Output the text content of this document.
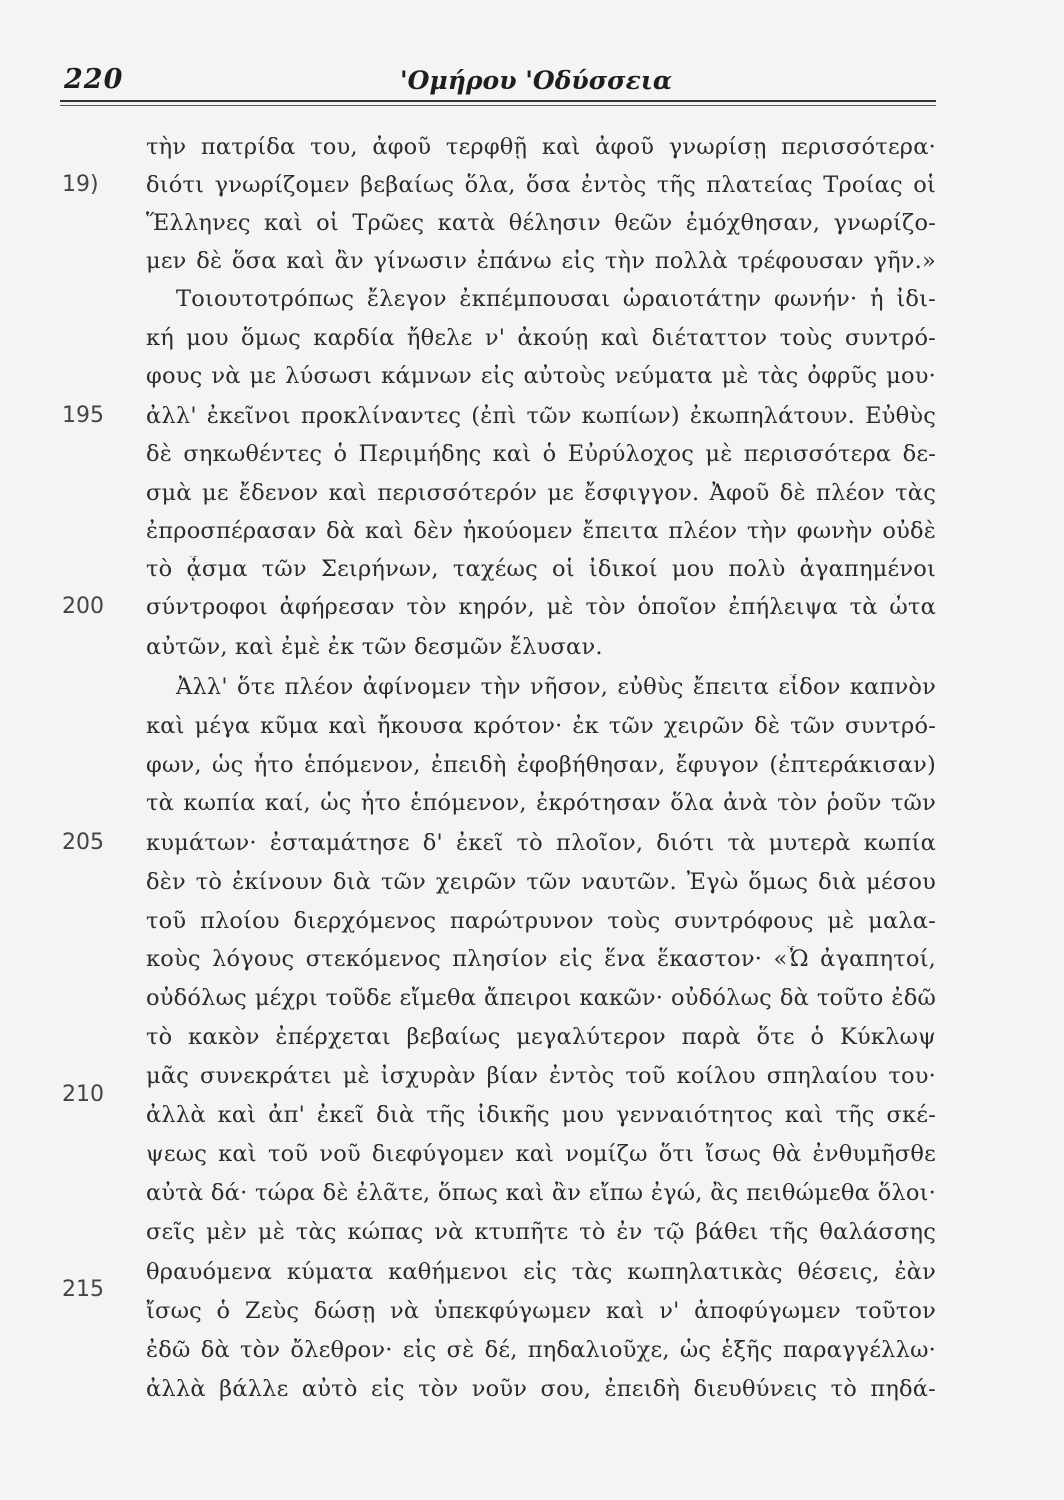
220	'Ομήρου 'Οδύσσεια
19)
195
200
205
210
215
τὴν πατρίδα του, ἀφοῦ τερφθῇ καὶ ἀφοῦ γνωρίσῃ περισσότερα·
διότι γνωρίζομεν βεβαίως ὅλα, ὅσα ἐντὸς τῆς πλατείας Τροίας οἱ
Ἕλληνες καὶ οἱ Τρῶες κατὰ θέλησιν θεῶν ἐμόχθησαν, γνωρίζο-
μεν δὲ ὅσα καὶ ἂν γίνωσιν ἐπάνω εἰς τὴν πολλὰ τρέφουσαν γῆν.»
Τοιουτοτρόπως ἔλεγον ἐκπέμπουσαι ὡραιοτάτην φωνήν· ἡ ἰδι-
κή μου ὅμως καρδία ἤθελε ν' ἀκούῃ καὶ διέταττον τοὺς συντρό-
φους νὰ με λύσωσι κάμνων εἰς αὐτοὺς νεύματα μὲ τὰς ὀφρῦς μου·
ἀλλ' ἐκεῖνοι προκλίναντες (ἐπὶ τῶν κωπίων) ἐκωπηλάτουν. Εὐθὺς
δὲ σηκωθέντες ὁ Περιμήδης καὶ ὁ Εὐρύλοχος μὲ περισσότερα δε-
σμὰ με ἔδενον καὶ περισσότερόν με ἔσφιγγον. Ἀφοῦ δὲ πλέον τὰς
ἐπροσπέρασαν δὰ καὶ δὲν ἠκούομεν ἔπειτα πλέον τὴν φωνὴν οὐδὲ
τὸ ᾆσμα τῶν Σειρήνων, ταχέως οἱ ἰδικοί μου πολὺ ἀγαπημένοι
σύντροφοι ἀφήρεσαν τὸν κηρόν, μὲ τὸν ὁποῖον ἐπήλειψα τὰ ὦτα
αὐτῶν, καὶ ἐμὲ ἐκ τῶν δεσμῶν ἔλυσαν.
Ἀλλ' ὅτε πλέον ἀφίνομεν τὴν νῆσον, εὐθὺς ἔπειτα εἶδον καπνὸν
καὶ μέγα κῦμα καὶ ἤκουσα κρότον· ἐκ τῶν χειρῶν δὲ τῶν συντρό-
φων, ὡς ἦτο ἑπόμενον, ἐπειδὴ ἐφοβήθησαν, ἔφυγον (ἐπτεράκισαν)
τὰ κωπία καί, ὡς ἦτο ἑπόμενον, ἐκρότησαν ὅλα ἀνὰ τὸν ῥοῦν τῶν
κυμάτων· ἐσταμάτησε δ' ἐκεῖ τὸ πλοῖον, διότι τὰ μυτερὰ κωπία
δὲν τὸ ἐκίνουν διὰ τῶν χειρῶν τῶν ναυτῶν. Ἐγὼ ὅμως διὰ μέσου
τοῦ πλοίου διερχόμενος παρώτρυνον τοὺς συντρόφους μὲ μαλα-
κοὺς λόγους στεκόμενος πλησίον εἰς ἕνα ἕκαστον· «Ὦ ἀγαπητοί,
οὐδόλως μέχρι τοῦδε εἴμεθα ἄπειροι κακῶν· οὐδόλως δὰ τοῦτο ἐδῶ
τὸ κακὸν ἐπέρχεται βεβαίως μεγαλύτερον παρὰ ὅτε ὁ Κύκλωψ
μᾶς συνεκράτει μὲ ἰσχυρὰν βίαν ἐντὸς τοῦ κοίλου σπηλαίου του·
ἀλλὰ καὶ ἀπ' ἐκεῖ διὰ τῆς ἰδικῆς μου γενναιότητος καὶ τῆς σκέ-
ψεως καὶ τοῦ νοῦ διεφύγομεν καὶ νομίζω ὅτι ἴσως θὰ ἐνθυμῆσθε
αὐτὰ δά· τώρα δὲ ἐλᾶτε, ὅπως καὶ ἂν εἴπω ἐγώ, ἂς πειθώμεθα ὅλοι·
σεῖς μὲν μὲ τὰς κώπας νὰ κτυπῆτε τὸ ἐν τῷ βάθει τῆς θαλάσσης
θραυόμενα κύματα καθήμενοι εἰς τὰς κωπηλατικὰς θέσεις, ἐὰν
ἴσως ὁ Ζεὺς δώσῃ νὰ ὑπεκφύγωμεν καὶ ν' ἀποφύγωμεν τοῦτον
ἐδῶ δὰ τὸν ὄλεθρον· εἰς σὲ δέ, πηδαλιοῦχε, ὡς ἑξῆς παραγγέλλω·
ἀλλὰ βάλλε αὐτὸ εἰς τὸν νοῦν σου, ἐπειδὴ διευθύνεις τὸ πηδά-
